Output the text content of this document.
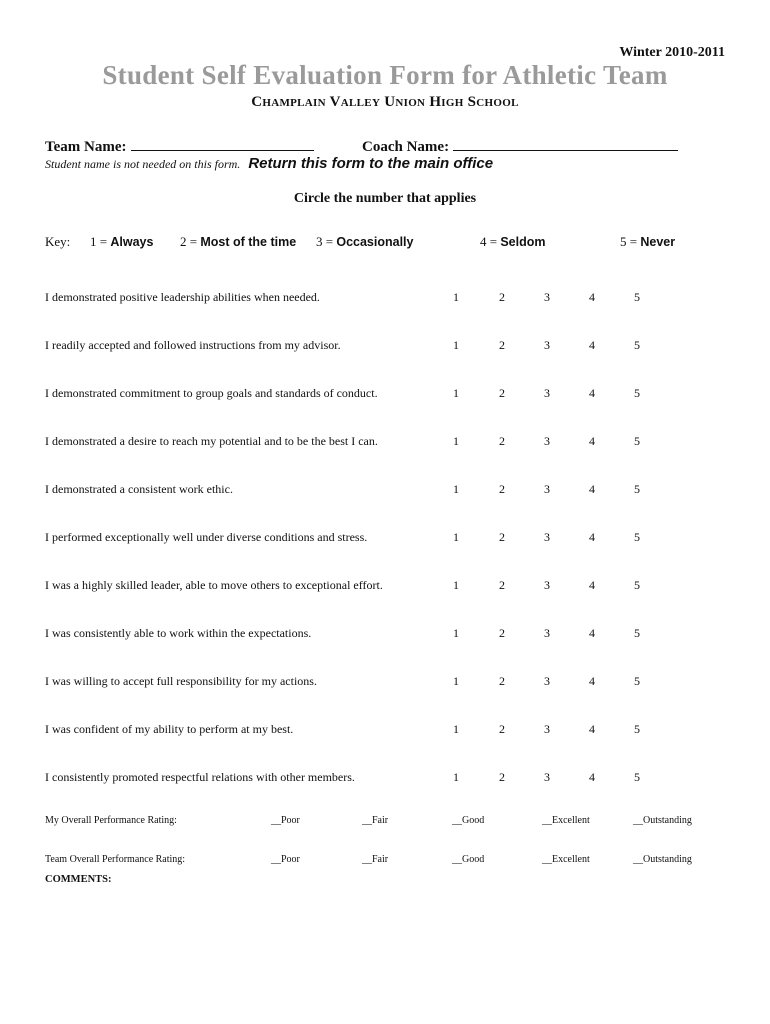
Winter 2010-2011
Student Self Evaluation Form for Athletic Team
Champlain Valley Union High School
Team Name:	Coach Name:
Student name is not needed on this form. Return this form to the main office
Circle the number that applies
Key: 1 = Always 2 = Most of the time 3 = Occasionally	4 = Seldom	5 = Never
I demonstrated positive leadership abilities when needed.	1	2	3	4	5
I readily accepted and followed instructions from my advisor.	1	2	3	4	5
I demonstrated commitment to group goals and standards of conduct.	1	2	3	4	5
I demonstrated a desire to reach my potential and to be the best I can.	1	2	3	4	5
I demonstrated a consistent work ethic.	1	2	3	4	5
I performed exceptionally well under diverse conditions and stress.	1	2	3	4	5
I was a highly skilled leader, able to move others to exceptional effort.	1	2	3	4	5
I was consistently able to work within the expectations.	1	2	3	4	5
I was willing to accept full responsibility for my actions.	1	2	3	4	5
I was confident of my ability to perform at my best.	1	2	3	4	5
I consistently promoted respectful relations with other members.	1	2	3	4	5
My Overall Performance Rating:	__Poor	__Fair	__Good	__Excellent	__Outstanding
Team Overall Performance Rating:	__Poor	__Fair	__Good	__Excellent	__Outstanding
COMMENTS:
